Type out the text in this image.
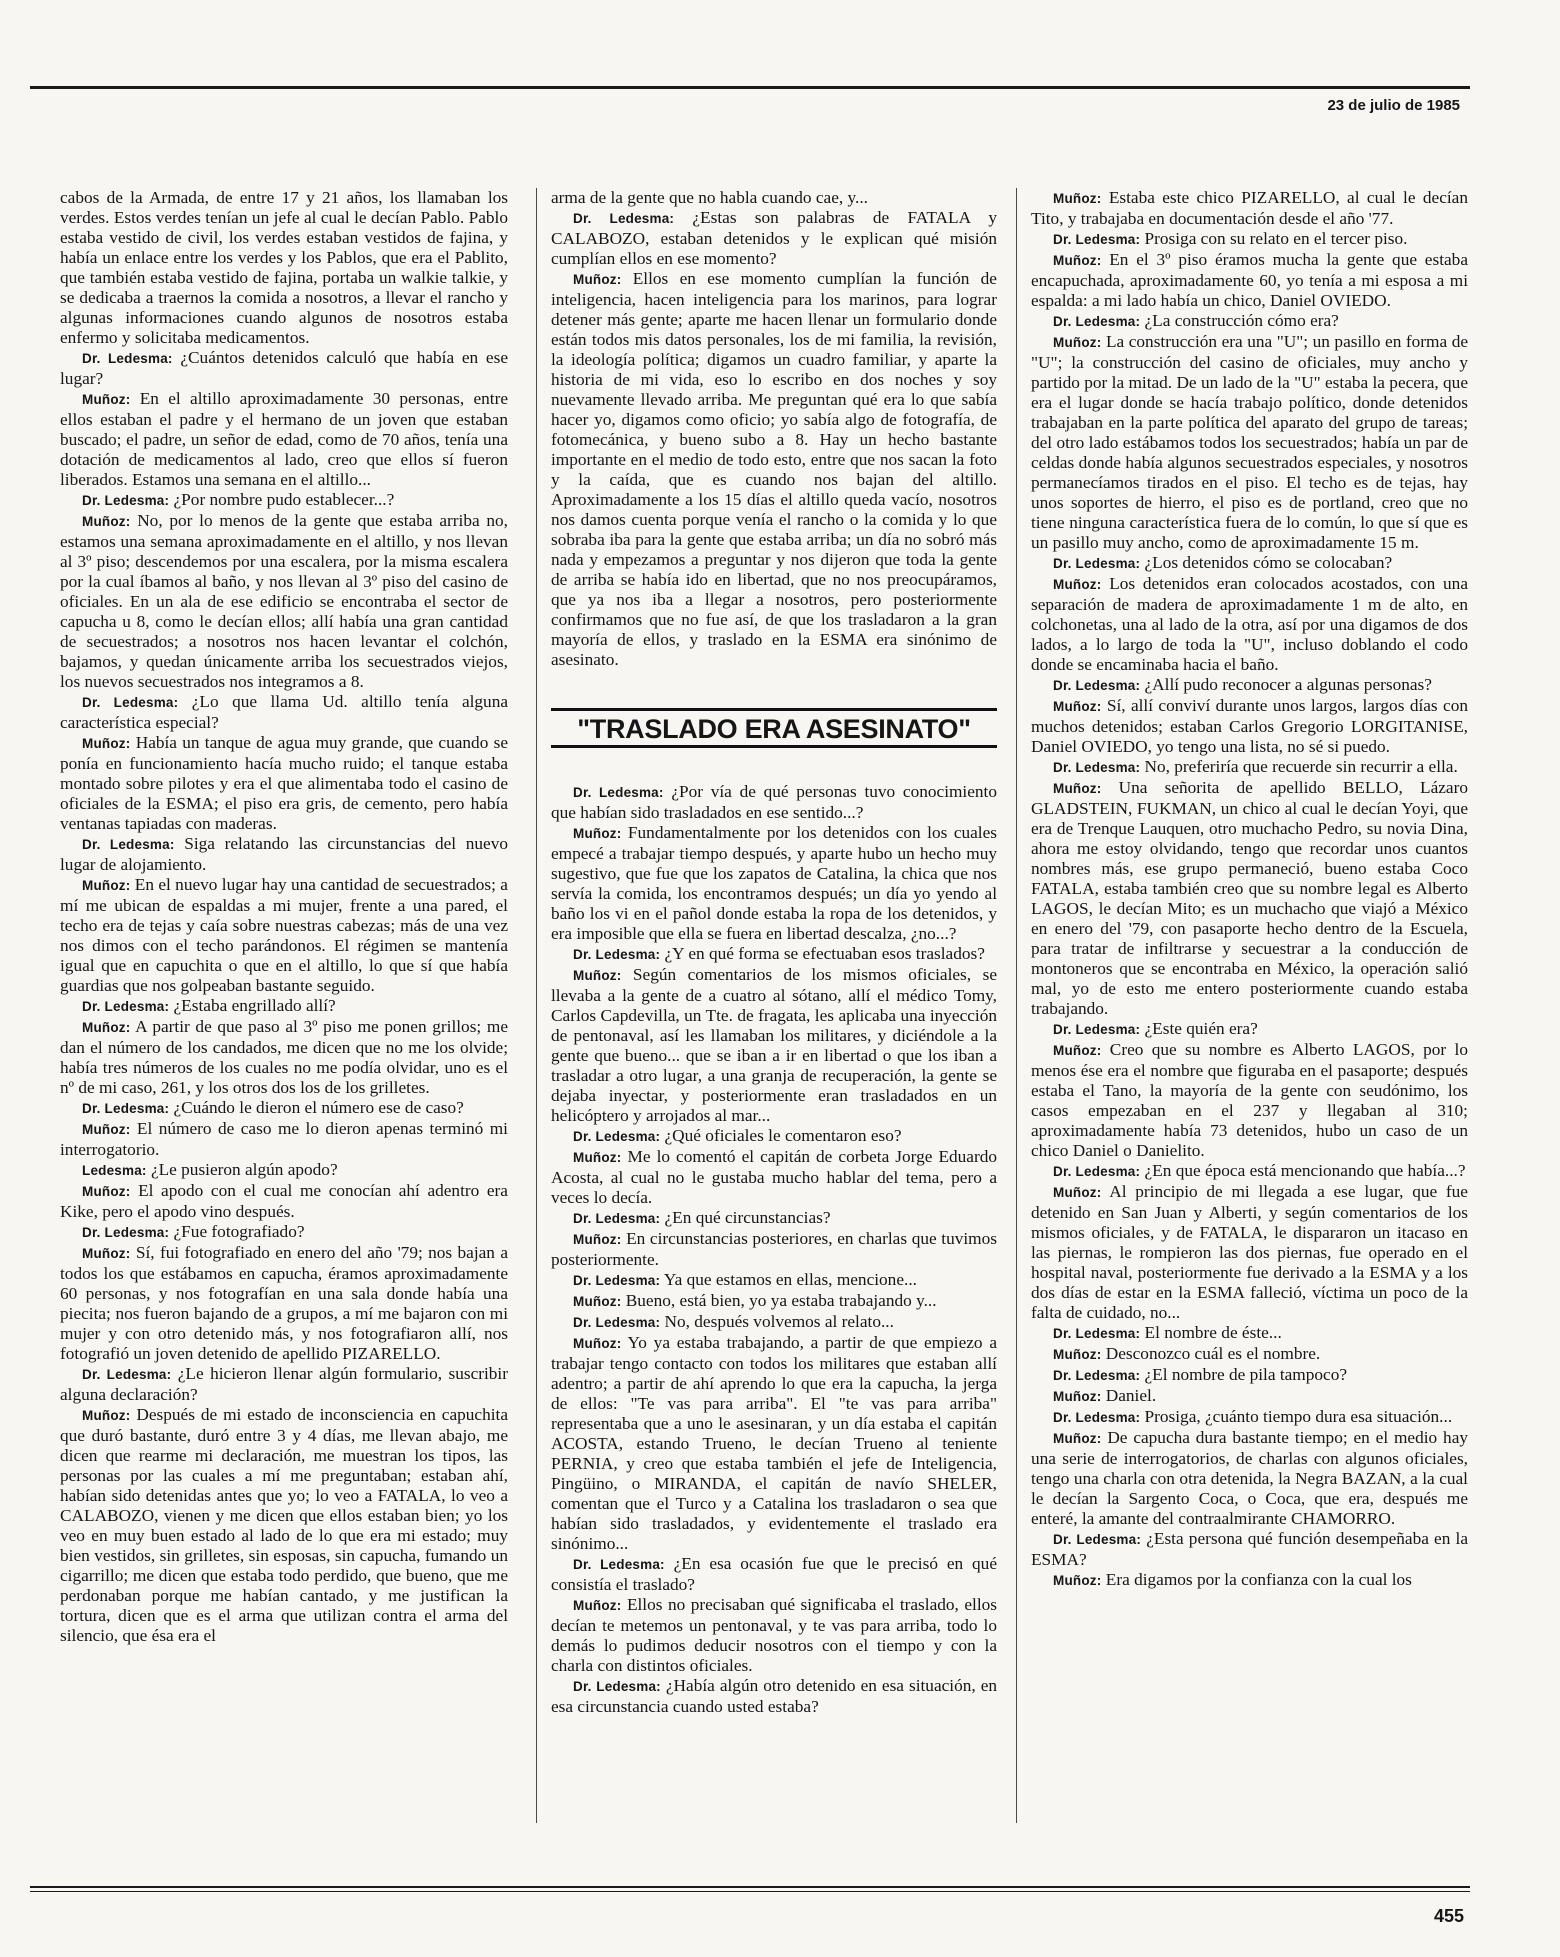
23 de julio de 1985

cabos de la Armada, de entre 17 y 21 años, los llamaban los verdes. Estos verdes tenían un jefe al cual le decían Pablo. Pablo estaba vestido de civil, los verdes estaban vestidos de fajina, y había un enlace entre los verdes y los Pablos, que era el Pablito, que también estaba vestido de fajina, portaba un walkie talkie, y se dedicaba a traernos la comida a nosotros, a llevar el rancho y algunas informaciones cuando algunos de nosotros estaba enfermo y solicitaba medicamentos.

Dr. Ledesma: ¿Cuántos detenidos calculó que había en ese lugar?

Muñoz: En el altillo aproximadamente 30 personas, entre ellos estaban el padre y el hermano de un joven que estaban buscado; el padre, un señor de edad, como de 70 años, tenía una dotación de medicamentos al lado, creo que ellos sí fueron liberados. Estamos una semana en el altillo...

Dr. Ledesma: ¿Por nombre pudo establecer...?

Muñoz: No, por lo menos de la gente que estaba arriba no, estamos una semana aproximadamente en el altillo, y nos llevan al 3º piso; descendemos por una escalera, por la misma escalera por la cual íbamos al baño, y nos llevan al 3º piso del casino de oficiales. En un ala de ese edificio se encontraba el sector de capucha u 8, como le decían ellos; allí había una gran cantidad de secuestrados; a nosotros nos hacen levantar el colchón, bajamos, y quedan únicamente arriba los secuestrados viejos, los nuevos secuestrados nos integramos a 8.

Dr. Ledesma: ¿Lo que llama Ud. altillo tenía alguna característica especial?

Muñoz: Había un tanque de agua muy grande, que cuando se ponía en funcionamiento hacía mucho ruido; el tanque estaba montado sobre pilotes y era el que alimentaba todo el casino de oficiales de la ESMA; el piso era gris, de cemento, pero había ventanas tapiadas con maderas.

Dr. Ledesma: Siga relatando las circunstancias del nuevo lugar de alojamiento.

Muñoz: En el nuevo lugar hay una cantidad de secuestrados; a mí me ubican de espaldas a mi mujer, frente a una pared, el techo era de tejas y caía sobre nuestras cabezas; más de una vez nos dimos con el techo parándonos. El régimen se mantenía igual que en capuchita o que en el altillo, lo que sí que había guardias que nos golpeaban bastante seguido.

Dr. Ledesma: ¿Estaba engrillado allí?

Muñoz: A partir de que paso al 3º piso me ponen grillos; me dan el número de los candados, me dicen que no me los olvide; había tres números de los cuales no me podía olvidar, uno es el nº de mi caso, 261, y los otros dos los de los grilletes.

Dr. Ledesma: ¿Cuándo le dieron el número ese de caso?

Muñoz: El número de caso me lo dieron apenas terminó mi interrogatorio.

Ledesma: ¿Le pusieron algún apodo?

Muñoz: El apodo con el cual me conocían ahí adentro era Kike, pero el apodo vino después.

Dr. Ledesma: ¿Fue fotografiado?

Muñoz: Sí, fui fotografiado en enero del año '79; nos bajan a todos los que estábamos en capucha, éramos aproximadamente 60 personas, y nos fotografían en una sala donde había una piecita; nos fueron bajando de a grupos, a mí me bajaron con mi mujer y con otro detenido más, y nos fotografiaron allí, nos fotografió un joven detenido de apellido PIZARELLO.

Dr. Ledesma: ¿Le hicieron llenar algún formulario, suscribir alguna declaración?

Muñoz: Después de mi estado de inconsciencia en capuchita que duró bastante, duró entre 3 y 4 días, me llevan abajo, me dicen que rearme mi declaración, me muestran los tipos, las personas por las cuales a mí me preguntaban; estaban ahí, habían sido detenidas antes que yo; lo veo a FATALA, lo veo a CALABOZO, vienen y me dicen que ellos estaban bien; yo los veo en muy buen estado al lado de lo que era mi estado; muy bien vestidos, sin grilletes, sin esposas, sin capucha, fumando un cigarrillo; me dicen que estaba todo perdido, que bueno, que me perdonaban porque me habían cantado, y me justifican la tortura, dicen que es el arma que utilizan contra el arma del silencio, que ésa era el

arma de la gente que no habla cuando cae, y...

Dr. Ledesma: ¿Estas son palabras de FATALA y CALABOZO, estaban detenidos y le explican qué misión cumplían ellos en ese momento?

Muñoz: Ellos en ese momento cumplían la función de inteligencia, hacen inteligencia para los marinos, para lograr detener más gente; aparte me hacen llenar un formulario donde están todos mis datos personales, los de mi familia, la revisión, la ideología política; digamos un cuadro familiar, y aparte la historia de mi vida, eso lo escribo en dos noches y soy nuevamente llevado arriba. Me preguntan qué era lo que sabía hacer yo, digamos como oficio; yo sabía algo de fotografía, de fotomecánica, y bueno subo a 8. Hay un hecho bastante importante en el medio de todo esto, entre que nos sacan la foto y la caída, que es cuando nos bajan del altillo. Aproximadamente a los 15 días el altillo queda vacío, nosotros nos damos cuenta porque venía el rancho o la comida y lo que sobraba iba para la gente que estaba arriba; un día no sobró más nada y empezamos a preguntar y nos dijeron que toda la gente de arriba se había ido en libertad, que no nos preocupáramos, que ya nos iba a llegar a nosotros, pero posteriormente confirmamos que no fue así, de que los trasladaron a la gran mayoría de ellos, y traslado en la ESMA era sinónimo de asesinato.

"TRASLADO ERA ASESINATO"

Dr. Ledesma: ¿Por vía de qué personas tuvo conocimiento que habían sido trasladados en ese sentido...?

Muñoz: Fundamentalmente por los detenidos con los cuales empecé a trabajar tiempo después, y aparte hubo un hecho muy sugestivo, que fue que los zapatos de Catalina, la chica que nos servía la comida, los encontramos después; un día yo yendo al baño los vi en el pañol donde estaba la ropa de los detenidos, y era imposible que ella se fuera en libertad descalza, ¿no...?

Dr. Ledesma: ¿Y en qué forma se efectuaban esos traslados?

Muñoz: Según comentarios de los mismos oficiales, se llevaba a la gente de a cuatro al sótano, allí el médico Tomy, Carlos Capdevilla, un Tte. de fragata, les aplicaba una inyección de pentonaval, así les llamaban los militares, y diciéndole a la gente que bueno... que se iban a ir en libertad o que los iban a trasladar a otro lugar, a una granja de recuperación, la gente se dejaba inyectar, y posteriormente eran trasladados en un helicóptero y arrojados al mar...

Dr. Ledesma: ¿Qué oficiales le comentaron eso?

Muñoz: Me lo comentó el capitán de corbeta Jorge Eduardo Acosta, al cual no le gustaba mucho hablar del tema, pero a veces lo decía.

Dr. Ledesma: ¿En qué circunstancias?

Muñoz: En circunstancias posteriores, en charlas que tuvimos posteriormente.

Dr. Ledesma: Ya que estamos en ellas, mencione...

Muñoz: Bueno, está bien, yo ya estaba trabajando y...

Dr. Ledesma: No, después volvemos al relato...

Muñoz: Yo ya estaba trabajando, a partir de que empiezo a trabajar tengo contacto con todos los militares que estaban allí adentro; a partir de ahí aprendo lo que era la capucha, la jerga de ellos: "Te vas para arriba". El "te vas para arriba" representaba que a uno le asesinaran, y un día estaba el capitán ACOSTA, estando Trueno, le decían Trueno al teniente PERNIA, y creo que estaba también el jefe de Inteligencia, Pingüino, o MIRANDA, el capitán de navío SHELER, comentan que el Turco y a Catalina los trasladaron o sea que habían sido trasladados, y evidentemente el traslado era sinónimo...

Dr. Ledesma: ¿En esa ocasión fue que le precisó en qué consistía el traslado?

Muñoz: Ellos no precisaban qué significaba el traslado, ellos decían te metemos un pentonaval, y te vas para arriba, todo lo demás lo pudimos deducir nosotros con el tiempo y con la charla con distintos oficiales.

Dr. Ledesma: ¿Había algún otro detenido en esa situación, en esa circunstancia cuando usted estaba?

Muñoz: Estaba este chico PIZARELLO, al cual le decían Tito, y trabajaba en documentación desde el año '77.

Dr. Ledesma: Prosiga con su relato en el tercer piso.

Muñoz: En el 3º piso éramos mucha la gente que estaba encapuchada, aproximadamente 60, yo tenía a mi esposa a mi espalda: a mi lado había un chico, Daniel OVIEDO.

Dr. Ledesma: ¿La construcción cómo era?

Muñoz: La construcción era una "U"; un pasillo en forma de "U"; la construcción del casino de oficiales, muy ancho y partido por la mitad. De un lado de la "U" estaba la pecera, que era el lugar donde se hacía trabajo político, donde detenidos trabajaban en la parte política del aparato del grupo de tareas; del otro lado estábamos todos los secuestrados; había un par de celdas donde había algunos secuestrados especiales, y nosotros permanecíamos tirados en el piso. El techo es de tejas, hay unos soportes de hierro, el piso es de portland, creo que no tiene ninguna característica fuera de lo común, lo que sí que es un pasillo muy ancho, como de aproximadamente 15 m.

Dr. Ledesma: ¿Los detenidos cómo se colocaban?

Muñoz: Los detenidos eran colocados acostados, con una separación de madera de aproximadamente 1 m de alto, en colchonetas, una al lado de la otra, así por una digamos de dos lados, a lo largo de toda la "U", incluso doblando el codo donde se encaminaba hacia el baño.

Dr. Ledesma: ¿Allí pudo reconocer a algunas personas?

Muñoz: Sí, allí conviví durante unos largos, largos días con muchos detenidos; estaban Carlos Gregorio LORGITANISE, Daniel OVIEDO, yo tengo una lista, no sé si puedo.

Dr. Ledesma: No, preferiría que recuerde sin recurrir a ella.

Muñoz: Una señorita de apellido BELLO, Lázaro GLADSTEIN, FUKMAN, un chico al cual le decían Yoyi, que era de Trenque Lauquen, otro muchacho Pedro, su novia Dina, ahora me estoy olvidando, tengo que recordar unos cuantos nombres más, ese grupo permaneció, bueno estaba Coco FATALA, estaba también creo que su nombre legal es Alberto LAGOS, le decían Mito; es un muchacho que viajó a México en enero del '79, con pasaporte hecho dentro de la Escuela, para tratar de infiltrarse y secuestrar a la conducción de montoneros que se encontraba en México, la operación salió mal, yo de esto me entero posteriormente cuando estaba trabajando.

Dr. Ledesma: ¿Este quién era?

Muñoz: Creo que su nombre es Alberto LAGOS, por lo menos ése era el nombre que figuraba en el pasaporte; después estaba el Tano, la mayoría de la gente con seudónimo, los casos empezaban en el 237 y llegaban al 310; aproximadamente había 73 detenidos, hubo un caso de un chico Daniel o Danielito.

Dr. Ledesma: ¿En que época está mencionando que había...?

Muñoz: Al principio de mi llegada a ese lugar, que fue detenido en San Juan y Alberti, y según comentarios de los mismos oficiales, y de FATALA, le dispararon un itacaso en las piernas, le rompieron las dos piernas, fue operado en el hospital naval, posteriormente fue derivado a la ESMA y a los dos días de estar en la ESMA falleció, víctima un poco de la falta de cuidado, no...

Dr. Ledesma: El nombre de éste...

Muñoz: Desconozco cuál es el nombre.

Dr. Ledesma: ¿El nombre de pila tampoco?

Muñoz: Daniel.

Dr. Ledesma: Prosiga, ¿cuánto tiempo dura esa situación...

Muñoz: De capucha dura bastante tiempo; en el medio hay una serie de interrogatorios, de charlas con algunos oficiales, tengo una charla con otra detenida, la Negra BAZAN, a la cual le decían la Sargento Coca, o Coca, que era, después me enteré, la amante del contraalmirante CHAMORRO.

Dr. Ledesma: ¿Esta persona qué función desempeñaba en la ESMA?

Muñoz: Era digamos por la confianza con la cual los

455
